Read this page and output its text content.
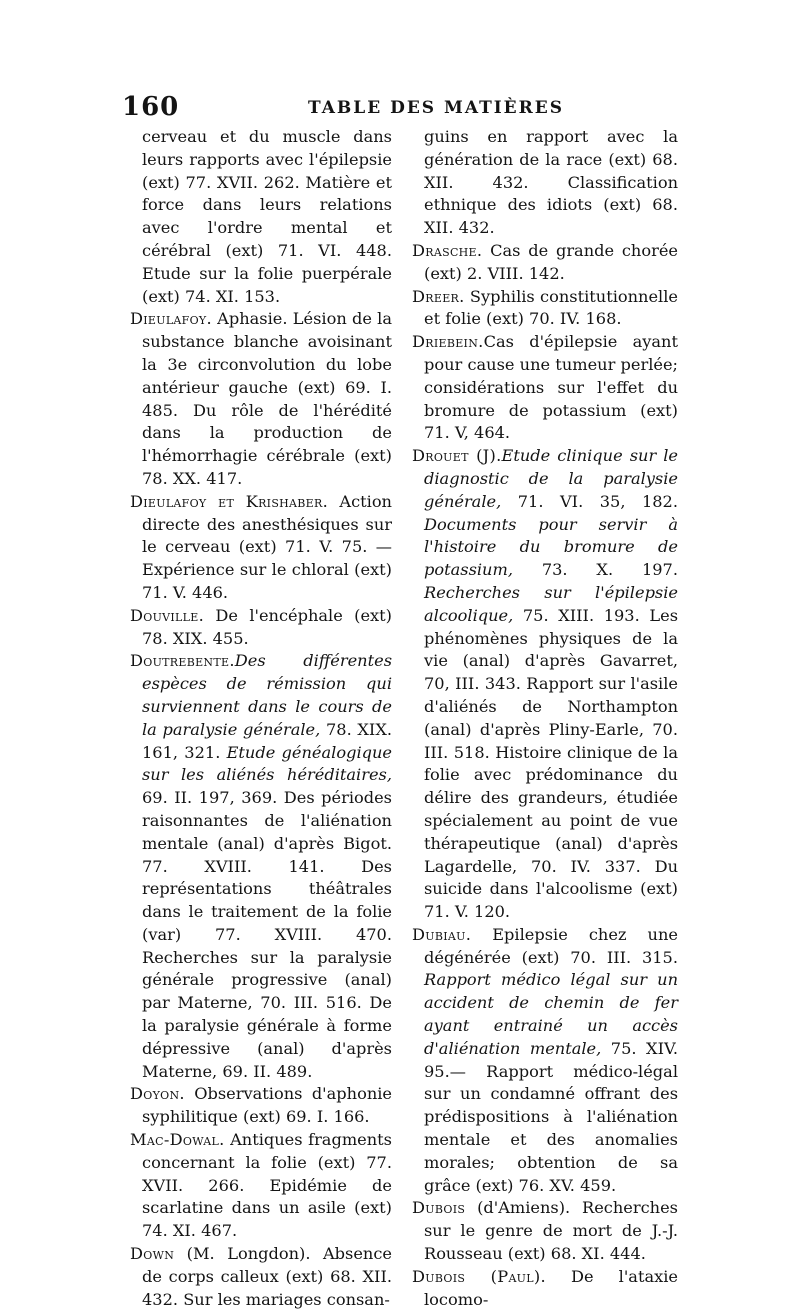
160	TABLE DES MATIÈRES

cerveau et du muscle dans leurs rapports avec l'épilepsie (ext) 77. XVII. 262. Matière et force dans leurs relations avec l'ordre mental et cérébral (ext) 71. VI. 448. Etude sur la folie puerpérale (ext) 74. XI. 153.

Dieulafoy. Aphasie. Lésion de la substance blanche avoisinant la 3e circonvolution du lobe antérieur gauche (ext) 69. I. 485. Du rôle de l'hérédité dans la production de l'hémorrhagie cérébrale (ext) 78. XX. 417.

Dieulafoy et Krishaber. Action directe des anesthésiques sur le cerveau (ext) 71. V. 75. — Expérience sur le chloral (ext) 71. V. 446.

Douville. De l'encéphale (ext) 78. XIX. 455.

Doutrebente.Des différentes espèces de rémission qui surviennent dans le cours de la paralysie générale, 78. XIX. 161, 321. Etude généalogique sur les aliénés héréditaires, 69. II. 197, 369. Des périodes raisonnantes de l'aliénation mentale (anal) d'après Bigot. 77. XVIII. 141. Des représentations théâtrales dans le traitement de la folie (var) 77. XVIII. 470. Recherches sur la paralysie générale progressive (anal) par Materne, 70. III. 516. De la paralysie générale à forme dépressive (anal) d'après Materne, 69. II. 489.

Doyon. Observations d'aphonie syphilitique (ext) 69. I. 166.

Mac-Dowal. Antiques fragments concernant la folie (ext) 77. XVII. 266. Epidémie de scarlatine dans un asile (ext) 74. XI. 467.

Down (M. Longdon). Absence de corps calleux (ext) 68. XII. 432. Sur les mariages consan-

guins en rapport avec la génération de la race (ext) 68. XII. 432. Classification ethnique des idiots (ext) 68. XII. 432.

Drasche. Cas de grande chorée (ext) 2. VIII. 142.

Dreer. Syphilis constitutionnelle et folie (ext) 70. IV. 168.

Driebein.Cas d'épilepsie ayant pour cause une tumeur perlée; considérations sur l'effet du bromure de potassium (ext) 71. V, 464.

Drouet (J).Etude clinique sur le diagnostic de la paralysie générale, 71. VI. 35, 182. Documents pour servir à l'histoire du bromure de potassium, 73. X. 197. Recherches sur l'épilepsie alcoolique, 75. XIII. 193. Les phénomènes physiques de la vie (anal) d'après Gavarret, 70, III. 343. Rapport sur l'asile d'aliénés de Northampton (anal) d'après Pliny-Earle, 70. III. 518. Histoire clinique de la folie avec prédominance du délire des grandeurs, étudiée spécialement au point de vue thérapeutique (anal) d'après Lagardelle, 70. IV. 337. Du suicide dans l'alcoolisme (ext) 71. V. 120.

Dubiau. Epilepsie chez une dégénérée (ext) 70. III. 315. Rapport médico légal sur un accident de chemin de fer ayant entrainé un accès d'aliénation mentale, 75. XIV. 95.— Rapport médico-légal sur un condamné offrant des prédispositions à l'aliénation mentale et des anomalies morales; obtention de sa grâce (ext) 76. XV. 459.

Dubois (d'Amiens). Recherches sur le genre de mort de J.-J. Rousseau (ext) 68. XI. 444.

Dubois (Paul). De l'ataxie locomo-
